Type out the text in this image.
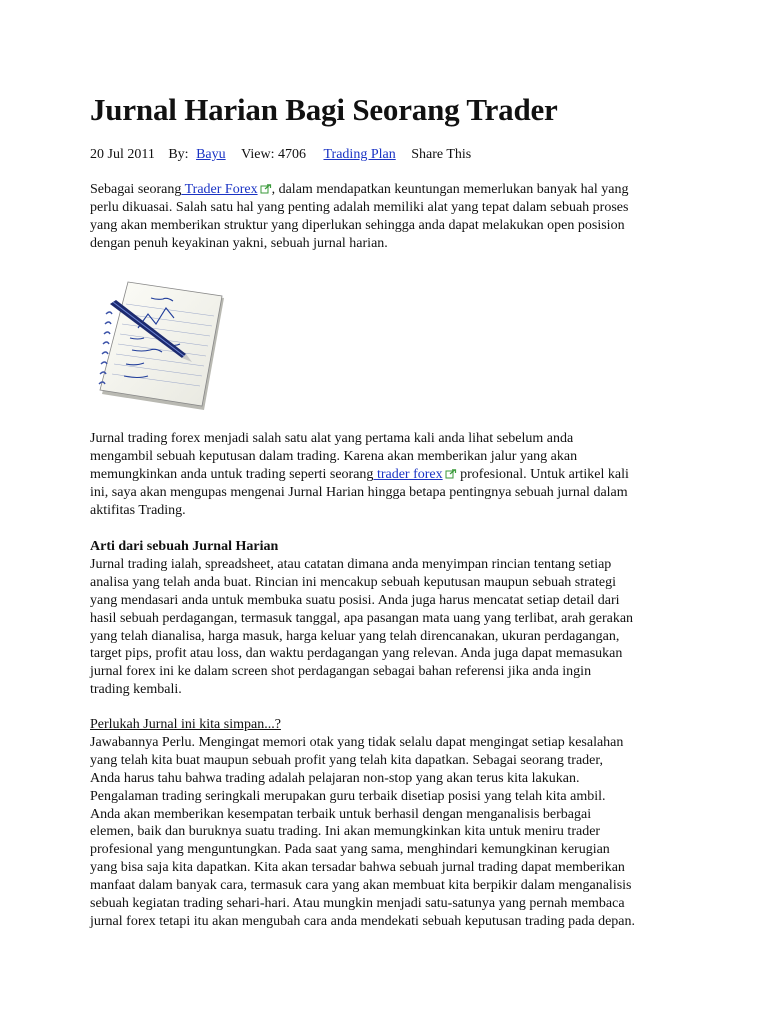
Jurnal Harian Bagi Seorang Trader
20 Jul 2011 By: Bayu View: 4706 Trading Plan Share This
Sebagai seorang Trader Forex , dalam mendapatkan keuntungan memerlukan banyak hal yang
perlu dikuasai. Salah satu hal yang penting adalah memiliki alat yang tepat dalam sebuah proses
yang akan memberikan struktur yang diperlukan sehingga anda dapat melakukan open posision
dengan penuh keyakinan yakni, sebuah jurnal harian.
Jurnal trading forex menjadi salah satu alat yang pertama kali anda lihat sebelum anda
mengambil sebuah keputusan dalam trading. Karena akan memberikan jalur yang akan
memungkinkan anda untuk trading seperti seorang trader forex profesional. Untuk artikel kali
ini, saya akan mengupas mengenai Jurnal Harian hingga betapa pentingnya sebuah jurnal dalam
aktifitas Trading.
Arti dari sebuah Jurnal Harian
Jurnal trading ialah, spreadsheet, atau catatan dimana anda menyimpan rincian tentang setiap
analisa yang telah anda buat. Rincian ini mencakup sebuah keputusan maupun sebuah strategi
yang mendasari anda untuk membuka suatu posisi. Anda juga harus mencatat setiap detail dari
hasil sebuah perdagangan, termasuk tanggal, apa pasangan mata uang yang terlibat, arah gerakan
yang telah dianalisa, harga masuk, harga keluar yang telah direncanakan, ukuran perdagangan,
target pips, profit atau loss, dan waktu perdagangan yang relevan. Anda juga dapat memasukan
jurnal forex ini ke dalam screen shot perdagangan sebagai bahan referensi jika anda ingin
trading kembali.
Perlukah Jurnal ini kita simpan...?
Jawabannya Perlu. Mengingat memori otak yang tidak selalu dapat mengingat setiap kesalahan
yang telah kita buat maupun sebuah profit yang telah kita dapatkan. Sebagai seorang trader,
Anda harus tahu bahwa trading adalah pelajaran non-stop yang akan terus kita lakukan.
Pengalaman trading seringkali merupakan guru terbaik disetiap posisi yang telah kita ambil.
Anda akan memberikan kesempatan terbaik untuk berhasil dengan menganalisis berbagai
elemen, baik dan buruknya suatu trading. Ini akan memungkinkan kita untuk meniru trader
profesional yang menguntungkan. Pada saat yang sama, menghindari kemungkinan kerugian
yang bisa saja kita dapatkan. Kita akan tersadar bahwa sebuah jurnal trading dapat memberikan
manfaat dalam banyak cara, termasuk cara yang akan membuat kita berpikir dalam menganalisis
sebuah kegiatan trading sehari-hari. Atau mungkin menjadi satu-satunya yang pernah membaca
jurnal forex tetapi itu akan mengubah cara anda mendekati sebuah keputusan trading pada depan.
